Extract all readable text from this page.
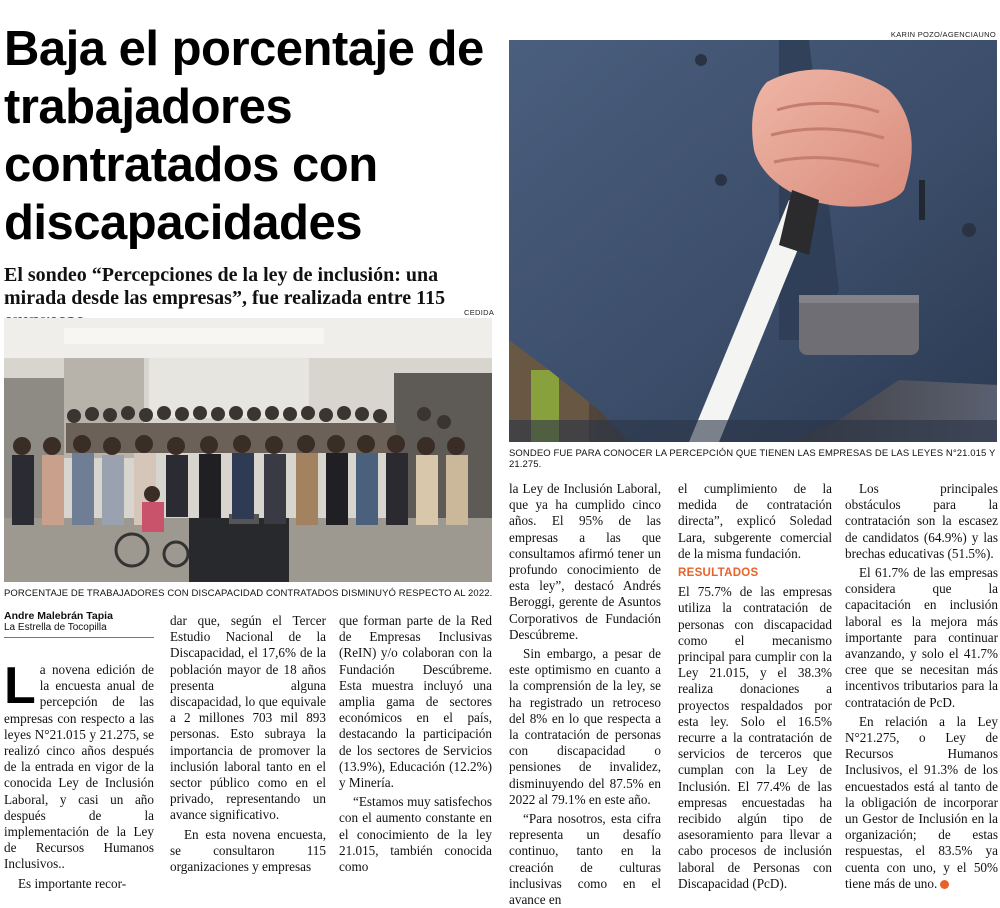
Baja el porcentaje de trabajadores contratados con discapacidades

El sondeo “Percepciones de la ley de inclusión: una mirada desde las empresas”, fue realizada entre 115

KARIN POZO/AGENCIAUNO
SONDEO FUE PARA CONOCER LA PERCEPCIÓN QUE TIENEN LAS EMPRESAS DE LAS LEYES N°21.015 Y 21.275.
CEDIDA
PORCENTAJE DE TRABAJADORES CON DISCAPACIDAD CONTRATADOS DISMINUYÓ RESPECTO AL 2022.
Andre Malebrán Tapia
La Estrella de Tocopilla

La novena edición de la encuesta anual de percepción de las empresas con respecto a las leyes N°21.015 y 21.275, se realizó cinco años después de la entrada en vigor de la conocida Ley de Inclusión Laboral, y casi un año después de la implementación de la Ley de Recursos Humanos Inclusivos..

Es importante recor-

dar que, según el Tercer Estudio Nacional de la Discapacidad, el 17,6% de la población mayor de 18 años presenta alguna discapacidad, lo que equivale a 2 millones 703 mil 893 personas. Esto subraya la importancia de promover la inclusión laboral tanto en el sector público como en el privado, representando un avance significativo.

En esta novena encuesta, se consultaron 115 organizaciones y empresas

que forman parte de la Red de Empresas Inclusivas (ReIN) y/o colaboran con la Fundación Descúbreme. Esta muestra incluyó una amplia gama de sectores económicos en el país, destacando la participación de los sectores de Servicios (13.9%), Educación (12.2%) y Minería.

“Estamos muy satisfechos con el aumento constante en el conocimiento de la ley 21.015, también conocida como

la Ley de Inclusión Laboral, que ya ha cumplido cinco años. El 95% de las empresas a las que consultamos afirmó tener un profundo conocimiento de esta ley”, destacó Andrés Beroggi, gerente de Asuntos Corporativos de Fundación Descúbreme.

Sin embargo, a pesar de este optimismo en cuanto a la comprensión de la ley, se ha registrado un retroceso del 8% en lo que respecta a la contratación de personas con discapacidad o pensiones de invalidez, disminuyendo del 87.5% en 2022 al 79.1% en este año.

“Para nosotros, esta cifra representa un desafío continuo, tanto en la creación de culturas inclusivas como en el avance en

el cumplimiento de la medida de contratación directa”, explicó Soledad Lara, subgerente comercial de la misma fundación.

RESULTADOS

El 75.7% de las empresas utiliza la contratación de personas con discapacidad como el mecanismo principal para cumplir con la Ley 21.015, y el 38.3% realiza donaciones a proyectos respaldados por esta ley. Solo el 16.5% recurre a la contratación de servicios de terceros que cumplan con la Ley de Inclusión. El 77.4% de las empresas encuestadas ha recibido algún tipo de asesoramiento para llevar a cabo procesos de inclusión laboral de Personas con Discapacidad (PcD).

Los principales obstáculos para la contratación son la escasez de candidatos (64.9%) y las brechas educativas (51.5%).

El 61.7% de las empresas considera que la capacitación en inclusión laboral es la mejora más importante para continuar avanzando, y solo el 41.7% cree que se necesitan más incentivos tributarios para la contratación de PcD.

En relación a la Ley N°21.275, o Ley de Recursos Humanos Inclusivos, el 91.3% de los encuestados está al tanto de la obligación de incorporar un Gestor de Inclusión en la organización; de estas respuestas, el 83.5% ya cuenta con uno, y el 50% tiene más de uno.
